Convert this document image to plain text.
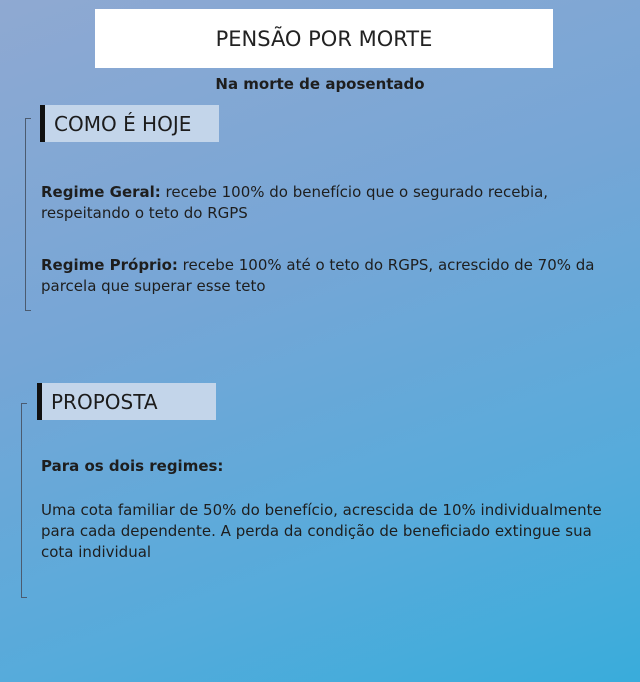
PENSÃO POR MORTE
Na morte de aposentado
COMO É HOJE
Regime Geral: recebe 100% do benefício que o segurado recebia, respeitando o teto do RGPS
Regime Próprio: recebe 100% até o teto do RGPS, acrescido de 70% da parcela que superar esse teto
PROPOSTA
Para os dois regimes:
Uma cota familiar de 50% do benefício, acrescida de 10% individualmente para cada dependente. A perda da condição de beneficiado extingue sua cota individual
